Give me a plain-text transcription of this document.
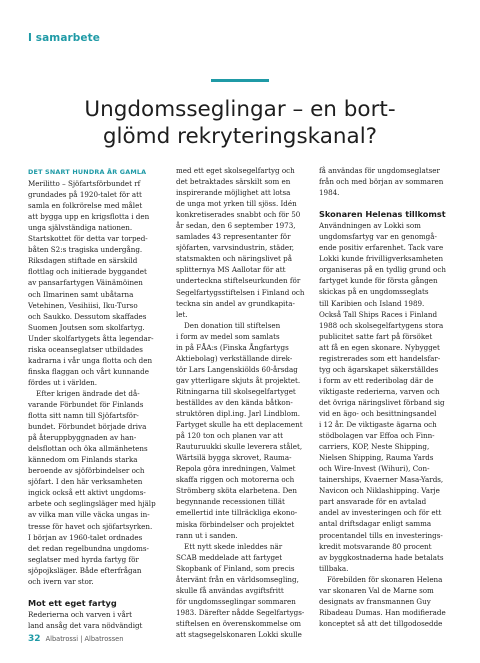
I samarbete
Ungdomsseglingar – en bort-
glömd rekryteringskanal?
DET SNART HUNDRA ÅR GAMLA
Merilitto – Sjöfartsförbundet rf
grundades på 1920-talet för att
samla en folkrörelse med målet
att bygga upp en krigsflotta i den
unga självständiga nationen.
Startskottet för detta var torped-
båten S2:s tragiska undergång.
Riksdagen stiftade en särskild
flottlag och initierade byggandet
av pansarfartygen Väinämöinen
och Ilmarinen samt ubåtarna
Vetehinen, Vesihiisi, Iku-Turso
och Saukko. Dessutom skaffades
Suomen Joutsen som skolfartyg.
Under skolfartygets åtta legendar-
riska oceanseglatser utbildades
kadrarna i vår unga flotta och den
finska flaggan och vårt kunnande
fördes ut i världen.
Efter krigen ändrade det då-
varande Förbundet för Finlands
flotta sitt namn till Sjöfartsför-
bundet. Förbundet började driva
på återuppbyggnaden av han-
delsflottan och öka allmänhetens
kännedom om Finlands starka
beroende av sjöförbindelser och
sjöfart. I den här verksamheten
ingick också ett aktivt ungdoms-
arbete och seglingsläger med hjälp
av vilka man ville väcka ungas in-
tresse för havet och sjöfartsyrken.
I början av 1960-talet ordnades
det redan regelbundna ungdoms-
seglatser med hyrda fartyg för
sjöpojksläger. Både efterfrågan
och ivern var stor.
Mot ett eget fartyg
Rederierna och varven i vårt
land ansåg det vara nödvändigt
med ett eget skolsegelfartyg och
det betraktades särskilt som en
inspirerande möjlighet att lotsa
de unga mot yrken till sjöss. Idén
konkretiserades snabbt och för 50
år sedan, den 6 september 1973,
samlades 43 representanter för
sjöfarten, varvsindustrin, städer,
statsmakten och näringslivet på
splitternya MS Aallotar för att
underteckna stiftelseurkunden för
Segelfartygsstiftelsen i Finland och
teckna sin andel av grundkapita-
let.
Den donation till stiftelsen
i form av medel som samlats
in på FÅA:s (Finska Ångfartygs
Aktiebolag) verkställande direk-
tör Lars Langenskiölds 60-årsdag
gav ytterligare skjuts åt projektet.
Ritningarna till skolsegelfartyget
beställdes av den kända båtkon-
struktören dipl.ing. Jarl Lindblom.
Fartyget skulle ha ett deplacement
på 120 ton och planen var att
Rauturuukki skulle leverera stålet,
Wärtsilä bygga skrovet, Rauma-
Repola göra inredningen, Valmet
skaffa riggen och motorerna och
Strömberg sköta elarbetena. Den
begynnande recessionen tillät
emellertid inte tillräckliga ekono-
miska förbindelser och projektet
rann ut i sanden.
Ett nytt skede inleddes när
SCAB meddelade att fartyget
Skopbank of Finland, som precis
återvänt från en världsomsegling,
skulle få användas avgiftsfritt
för ungdomsseglingar sommaren
1983. Därefter nådde Segelfartygs-
stiftelsen en överenskommelse om
att stagsegelskonaren Lokki skulle
få användas för ungdomseglatser
från och med början av sommaren
1984.
Skonaren Helenas tillkomst
Användningen av Lokki som
ungdomsfartyg var en genomgå-
ende positiv erfarenhet. Tack vare
Lokki kunde frivilligverksamheten
organiseras på en tydlig grund och
fartyget kunde för första gången
skickas på en ungdomsseglats
till Karibien och Island 1989.
Också Tall Ships Races i Finland
1988 och skolsegelfartygens stora
publicitet satte fart på försöket
att få en egen skonare. Nybygget
registrerades som ett handelsfar-
tyg och ägarskapet säkerställdes
i form av ett rederibolag där de
viktigaste rederierna, varven och
det övriga näringslivet förband sig
vid en ägo- och besittningsandel
i 12 år. De viktigaste ägarna och
stödbolagen var Effoa och Finn-
carriers, KOP, Neste Shipping,
Nielsen Shipping, Rauma Yards
och Wire-Invest (Wihuri), Con-
tainerships, Kvaerner Masa-Yards,
Navicon och Niklashipping. Varje
part ansvarade för en avtalad
andel av investeringen och för ett
antal driftsdagar enligt samma
procentandel tills en investerings-
kredit motsvarande 80 procent
av byggkostnaderna hade betalats
tillbaka.
Förebilden för skonaren Helena
var skonaren Val de Marne som
designats av fransmannen Guy
Ribadeau Dumas. Han modifierade
konceptet så att det tillgodosedde
32 Albatrossi | Albatrossen
